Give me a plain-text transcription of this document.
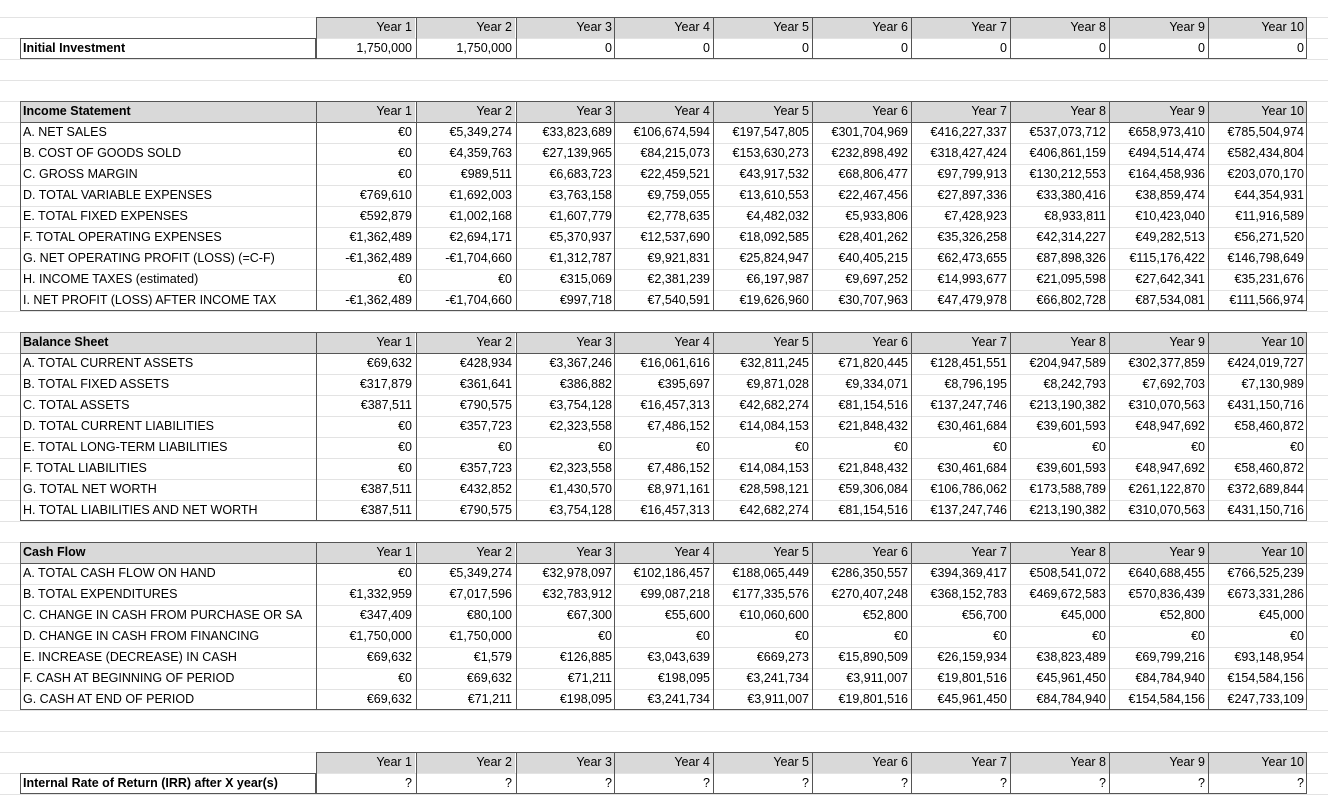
Year 1	Year 2	Year 3	Year 4	Year 5	Year 6	Year 7	Year 8	Year 9	Year 10
Initial Investment	1,750,000	1,750,000	0	0	0	0	0	0	0	0
Income Statement	Year 1	Year 2	Year 3	Year 4	Year 5	Year 6	Year 7	Year 8	Year 9	Year 10
A. NET SALES	€0	€5,349,274	€33,823,689	€106,674,594	€197,547,805	€301,704,969	€416,227,337	€537,073,712	€658,973,410	€785,504,974
B. COST OF GOODS SOLD	€0	€4,359,763	€27,139,965	€84,215,073	€153,630,273	€232,898,492	€318,427,424	€406,861,159	€494,514,474	€582,434,804
C. GROSS MARGIN	€0	€989,511	€6,683,723	€22,459,521	€43,917,532	€68,806,477	€97,799,913	€130,212,553	€164,458,936	€203,070,170
D. TOTAL VARIABLE EXPENSES	€769,610	€1,692,003	€3,763,158	€9,759,055	€13,610,553	€22,467,456	€27,897,336	€33,380,416	€38,859,474	€44,354,931
E. TOTAL FIXED EXPENSES	€592,879	€1,002,168	€1,607,779	€2,778,635	€4,482,032	€5,933,806	€7,428,923	€8,933,811	€10,423,040	€11,916,589
F. TOTAL OPERATING EXPENSES	€1,362,489	€2,694,171	€5,370,937	€12,537,690	€18,092,585	€28,401,262	€35,326,258	€42,314,227	€49,282,513	€56,271,520
G. NET OPERATING PROFIT (LOSS) (=C-F)	-€1,362,489	-€1,704,660	€1,312,787	€9,921,831	€25,824,947	€40,405,215	€62,473,655	€87,898,326	€115,176,422	€146,798,649
H. INCOME TAXES (estimated)	€0	€0	€315,069	€2,381,239	€6,197,987	€9,697,252	€14,993,677	€21,095,598	€27,642,341	€35,231,676
I. NET PROFIT (LOSS) AFTER INCOME TAX	-€1,362,489	-€1,704,660	€997,718	€7,540,591	€19,626,960	€30,707,963	€47,479,978	€66,802,728	€87,534,081	€111,566,974
Balance Sheet	Year 1	Year 2	Year 3	Year 4	Year 5	Year 6	Year 7	Year 8	Year 9	Year 10
A. TOTAL CURRENT ASSETS	€69,632	€428,934	€3,367,246	€16,061,616	€32,811,245	€71,820,445	€128,451,551	€204,947,589	€302,377,859	€424,019,727
B. TOTAL FIXED ASSETS	€317,879	€361,641	€386,882	€395,697	€9,871,028	€9,334,071	€8,796,195	€8,242,793	€7,692,703	€7,130,989
C. TOTAL ASSETS	€387,511	€790,575	€3,754,128	€16,457,313	€42,682,274	€81,154,516	€137,247,746	€213,190,382	€310,070,563	€431,150,716
D. TOTAL CURRENT LIABILITIES	€0	€357,723	€2,323,558	€7,486,152	€14,084,153	€21,848,432	€30,461,684	€39,601,593	€48,947,692	€58,460,872
E. TOTAL LONG-TERM LIABILITIES	€0	€0	€0	€0	€0	€0	€0	€0	€0	€0
F. TOTAL LIABILITIES	€0	€357,723	€2,323,558	€7,486,152	€14,084,153	€21,848,432	€30,461,684	€39,601,593	€48,947,692	€58,460,872
G. TOTAL NET WORTH	€387,511	€432,852	€1,430,570	€8,971,161	€28,598,121	€59,306,084	€106,786,062	€173,588,789	€261,122,870	€372,689,844
H. TOTAL LIABILITIES AND NET WORTH	€387,511	€790,575	€3,754,128	€16,457,313	€42,682,274	€81,154,516	€137,247,746	€213,190,382	€310,070,563	€431,150,716
Cash Flow	Year 1	Year 2	Year 3	Year 4	Year 5	Year 6	Year 7	Year 8	Year 9	Year 10
A. TOTAL CASH FLOW ON HAND	€0	€5,349,274	€32,978,097	€102,186,457	€188,065,449	€286,350,557	€394,369,417	€508,541,072	€640,688,455	€766,525,239
B. TOTAL EXPENDITURES	€1,332,959	€7,017,596	€32,783,912	€99,087,218	€177,335,576	€270,407,248	€368,152,783	€469,672,583	€570,836,439	€673,331,286
C. CHANGE IN CASH FROM PURCHASE OR SA	€347,409	€80,100	€67,300	€55,600	€10,060,600	€52,800	€56,700	€45,000	€52,800	€45,000
D. CHANGE IN CASH FROM FINANCING	€1,750,000	€1,750,000	€0	€0	€0	€0	€0	€0	€0	€0
E. INCREASE (DECREASE) IN CASH	€69,632	€1,579	€126,885	€3,043,639	€669,273	€15,890,509	€26,159,934	€38,823,489	€69,799,216	€93,148,954
F. CASH AT BEGINNING OF PERIOD	€0	€69,632	€71,211	€198,095	€3,241,734	€3,911,007	€19,801,516	€45,961,450	€84,784,940	€154,584,156
G. CASH AT END OF PERIOD	€69,632	€71,211	€198,095	€3,241,734	€3,911,007	€19,801,516	€45,961,450	€84,784,940	€154,584,156	€247,733,109
Year 1	Year 2	Year 3	Year 4	Year 5	Year 6	Year 7	Year 8	Year 9	Year 10
Internal Rate of Return (IRR) after X year(s)	?	?	?	?	?	?	?	?	?	?
